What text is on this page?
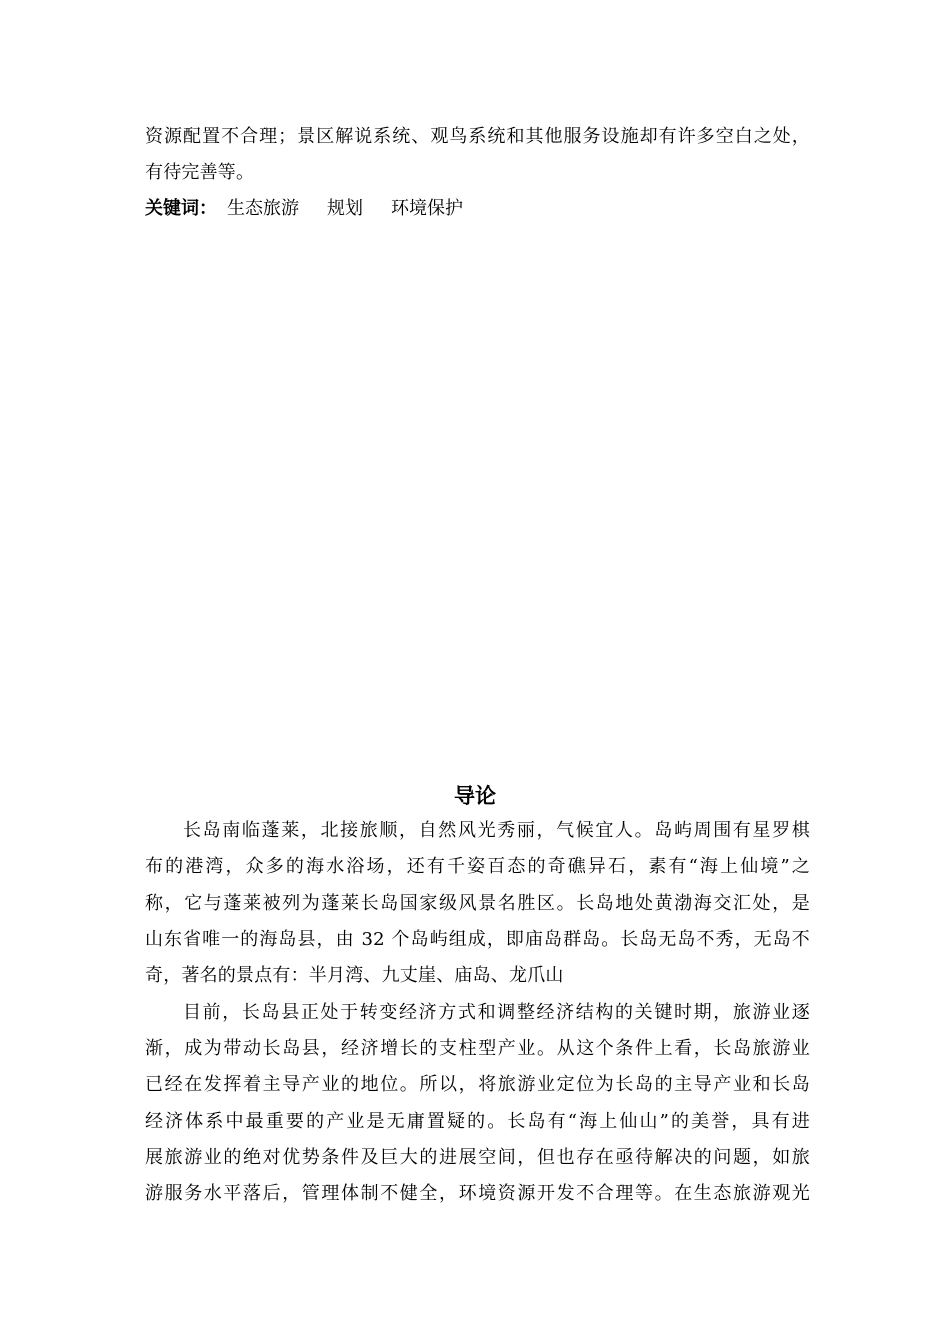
资源配置不合理；景区解说系统、观鸟系统和其他服务设施却有许多空白之处，
有待完善等。
关键词： 生态旅游 规划 环境保护
导论
长岛南临蓬莱，北接旅顺，自然风光秀丽，气候宜人。岛屿周围有星罗棋
布的港湾，众多的海水浴场，还有千姿百态的奇礁异石，素有“海上仙境”之
称，它与蓬莱被列为蓬莱长岛国家级风景名胜区。长岛地处黄渤海交汇处，是
山东省唯一的海岛县，由 32 个岛屿组成，即庙岛群岛。长岛无岛不秀，无岛不
奇，著名的景点有：半月湾、九丈崖、庙岛、龙爪山
目前，长岛县正处于转变经济方式和调整经济结构的关键时期，旅游业逐
渐，成为带动长岛县，经济增长的支柱型产业。从这个条件上看，长岛旅游业
已经在发挥着主导产业的地位。所以，将旅游业定位为长岛的主导产业和长岛
经济体系中最重要的产业是无庸置疑的。长岛有“海上仙山”的美誉，具有进
展旅游业的绝对优势条件及巨大的进展空间，但也存在亟待解决的问题，如旅
游服务水平落后，管理体制不健全，环境资源开发不合理等。在生态旅游观光
